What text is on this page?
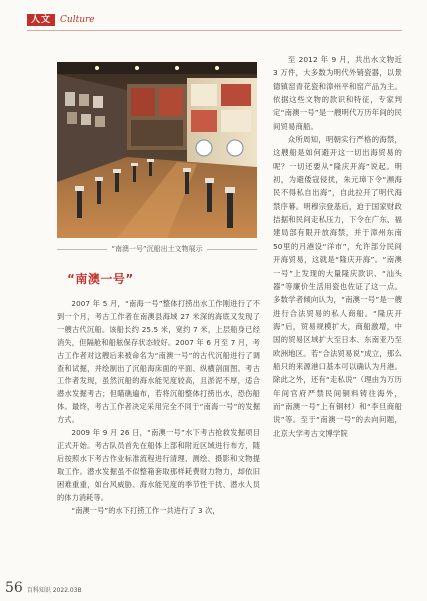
人文	Culture
“南澳一号”沉船出土文物展示
“南澳一号”

2007 年 5 月，“南海一号”整体打捞出水工作刚进行了不到一个月，考古工作者在南澳县海域 27 米深的海底又发现了一艘古代沉船。该船长约 25.5 米，宽约 7 米，上层船身已经消失，但隔舱和船舷保存状态较好。2007 年 6 月至 7 月，考古工作者对这艘后来被命名为“南澳一号”的古代沉船进行了调查和试掘，并绘制出了沉船海床面的平面、纵横剖面图。考古工作者发现，虽然沉船的海水能见度较高，且淤泥不厚，适合潜水发掘考古；但瞄礁遍布，若将沉船整体打捞出水，恐伤船体。最终，考古工作者决定采用完全不同于“南海一号”的发掘方式。

2009 年 9 月 26 日，“南澳一号”水下考古抢救发掘项目正式开始。考古队员首先在船体上部和附近区域进行布方，随后按照水下考古作业标准流程进行清理、测绘、摄影和文物提取工作。潜水发掘虽不似整箱套取那样耗费财力物力，却依旧困难重重，如台风威胁、海水能见度的季节性干扰、潜水人员的体力消耗等。

“南澳一号”的水下打捞工作一共进行了 3 次，

至 2012 年 9 月，共出水文物近 3 万件，大多数为明代外销瓷器，以景德镇窑青花瓷和漳州平和窑产品为主。依据这些文物的款识和特征，专家判定“南澳一号”是一艘明代万历年间的民间贸易商船。

众所周知，明朝实行严格的海禁，这艘船是如何避开这一切出海贸易的呢？一切还要从“隆庆开海”说起。明初，为避倭寇侵扰，朱元璋下令“濒海民不得私自出海”，自此拉开了明代海禁序幕。明穆宗登基后，迫于国家财政拮据和民间走私压力，下令在广东、福建局部有限开放海禁，并于漳州东南50里的月港设“洋市”，允许部分民间开海贸易，这就是“隆庆开海”。“南澳一号”上发现的大量隆庆款识、“汕头器”等廉价生活用瓷也佐证了这一点。多数学者倾向认为，“南澳一号”是一艘进行合法贸易的私人商船。“隆庆开海”后，贸易规模扩大，商船激增，中国的贸易区域扩大至日本、东南亚乃至欧洲地区。若“合法贸易说”成立，那么船只的来源港口基本可以确认为月港。除此之外，还有“走私说”（理由为万历年间官府严禁民间铜料铸往海外，而“南澳一号”上有铜材）和“李旦商船说”等。至于“南澳一号”的去向问题，北京大学考古文博学院

56 百科知识 2022.03B
